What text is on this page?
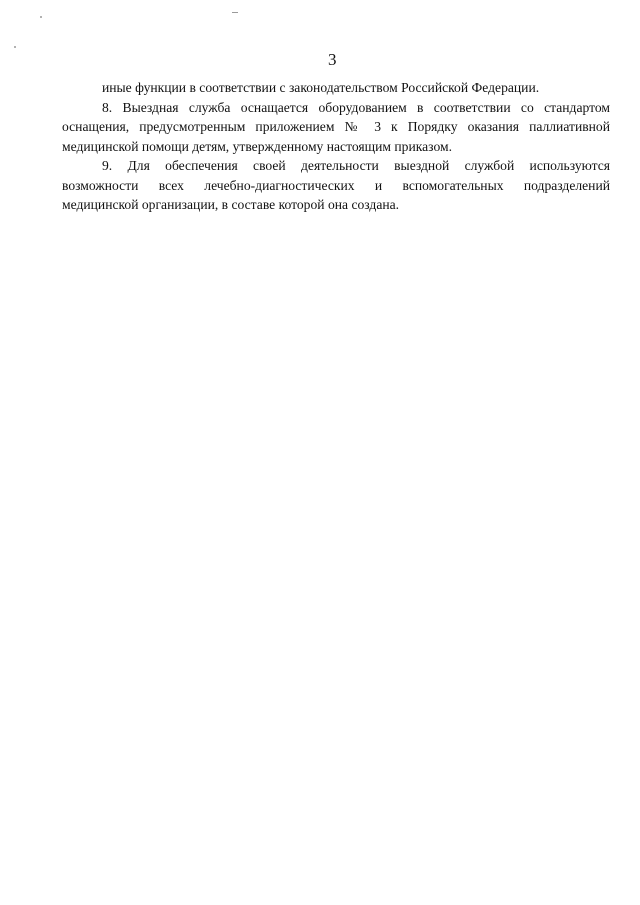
3
иные функции в соответствии с законодательством Российской Федерации.
8. Выездная служба оснащается оборудованием в соответствии со стандартом
оснащения, предусмотренным приложением № 3 к Порядку оказания паллиативной
медицинской помощи детям, утвержденному настоящим приказом.
9. Для обеспечения своей деятельности выездной службой используются
возможности всех лечебно-диагностических и вспомогательных подразделений
медицинской организации, в составе которой она создана.
